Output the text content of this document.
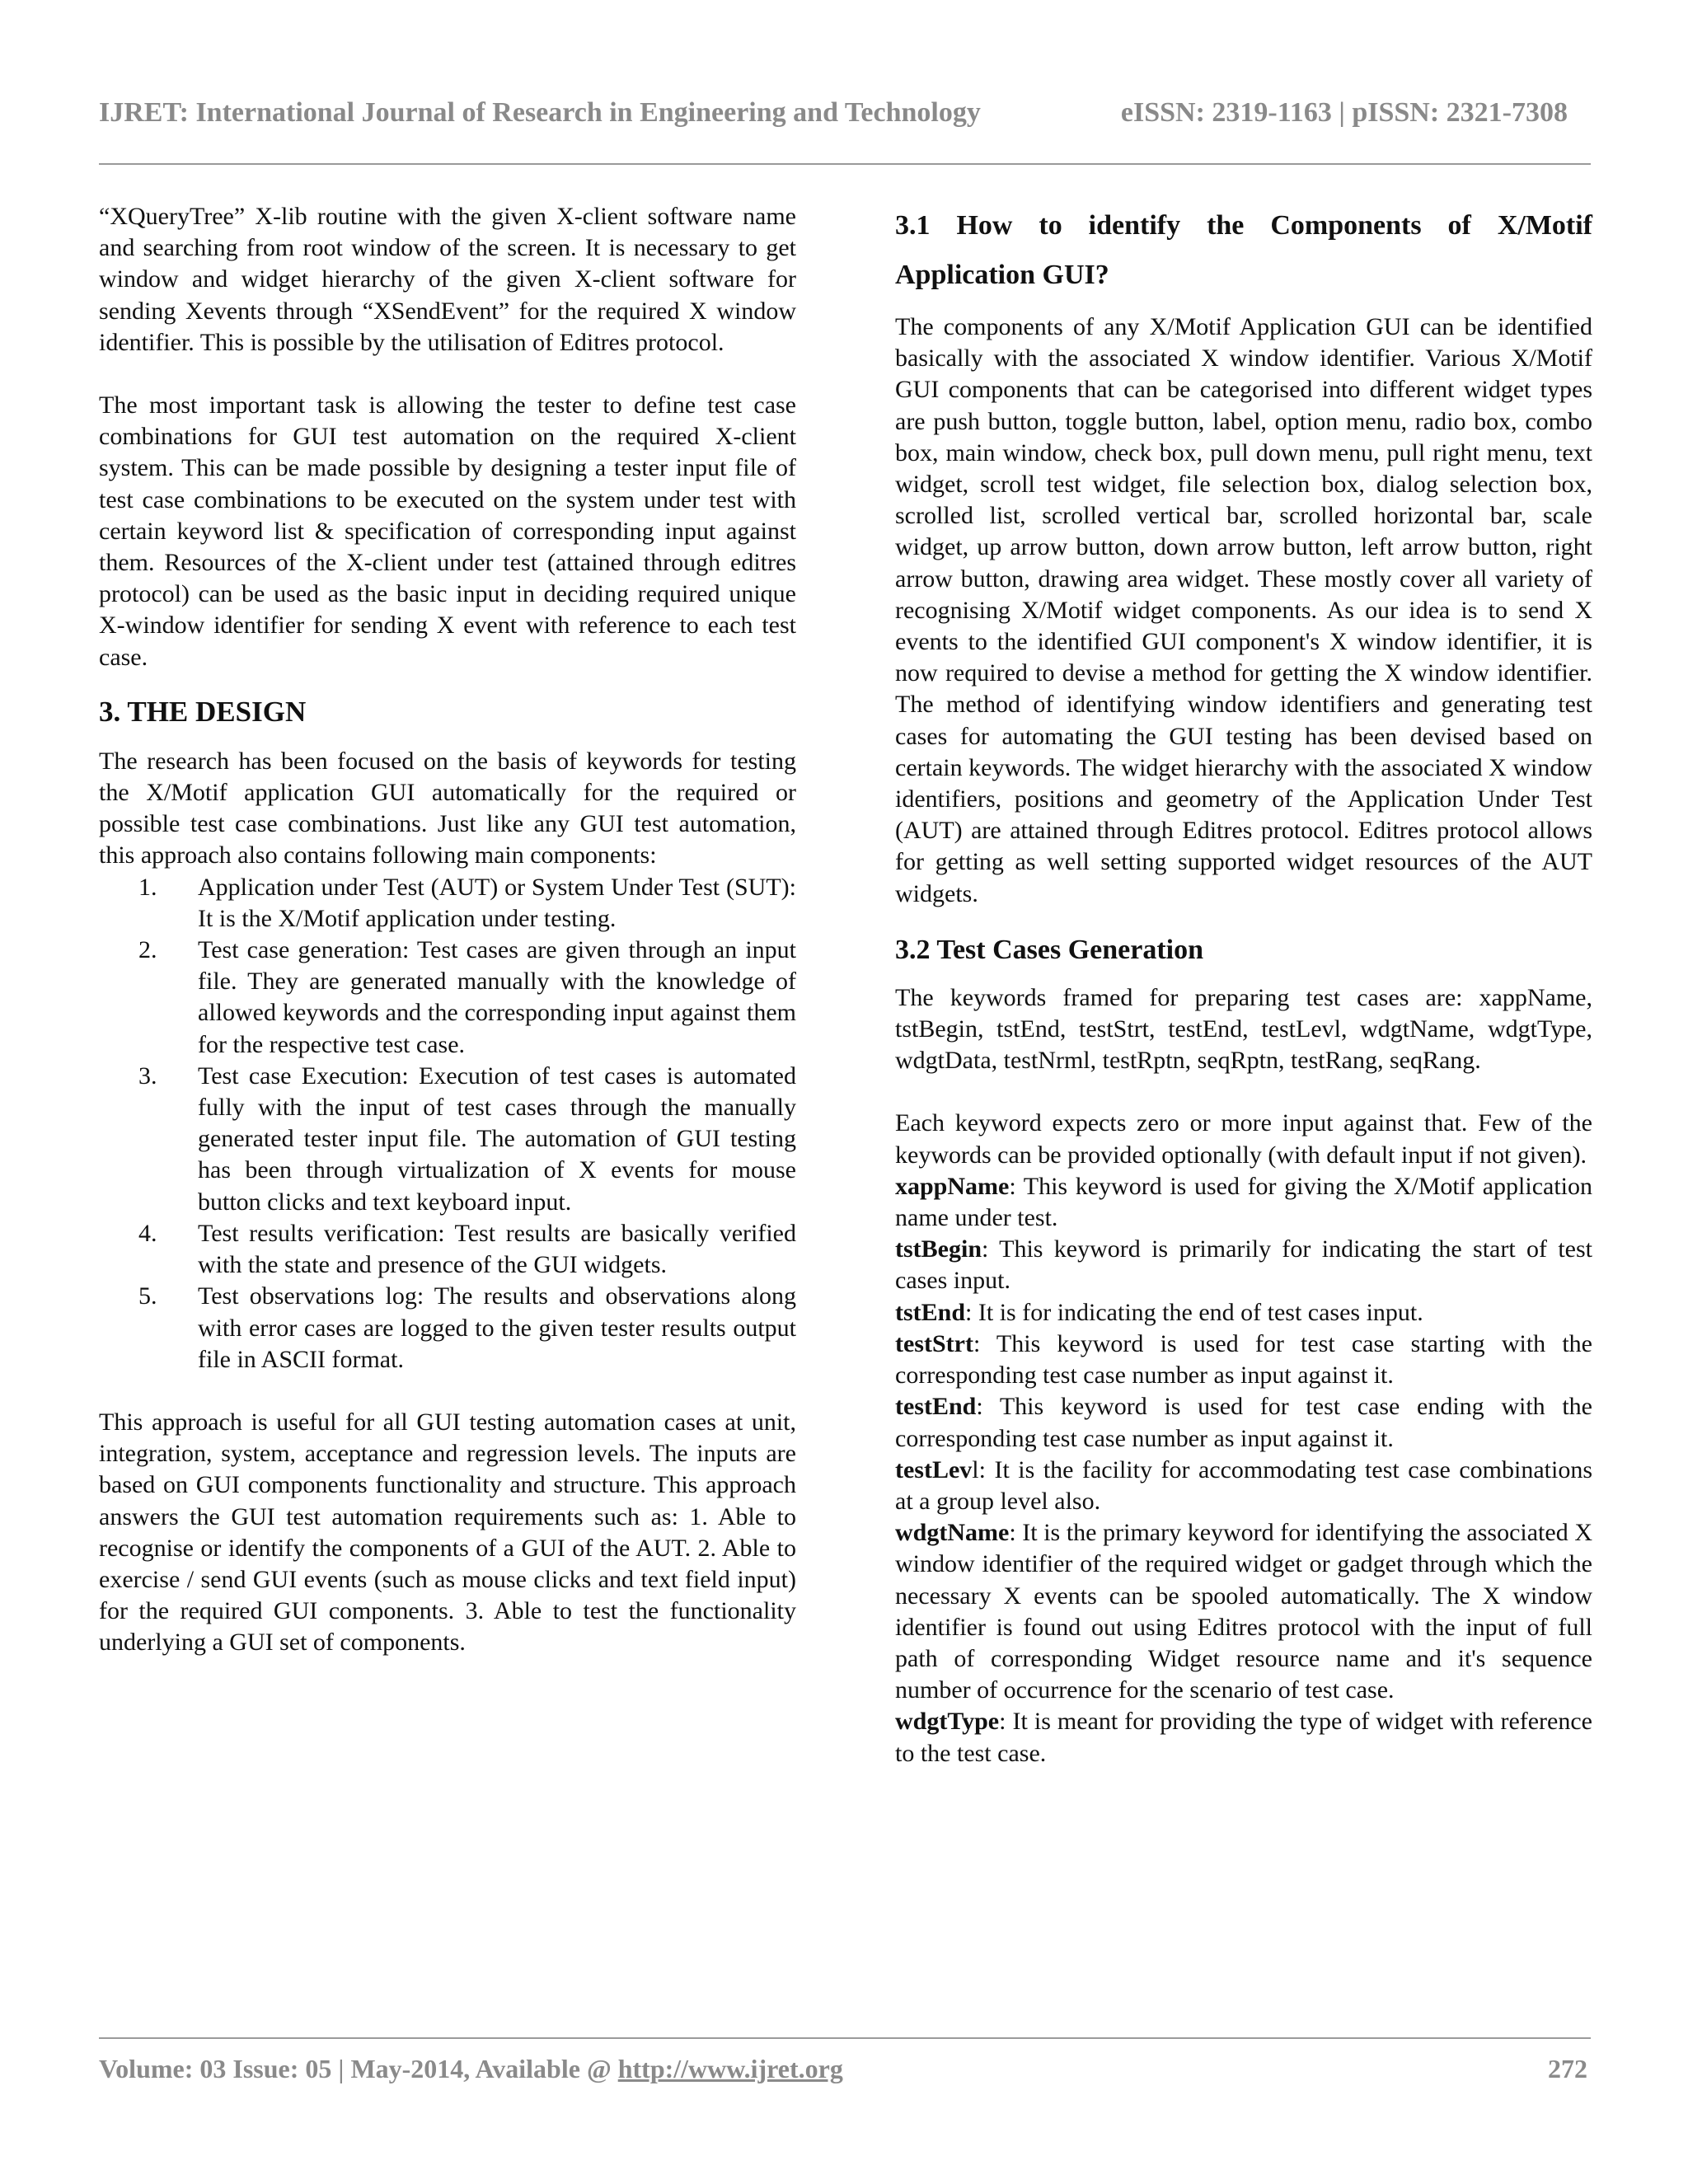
IJRET: International Journal of Research in Engineering and Technology	eISSN: 2319-1163 | pISSN: 2321-7308

“XQueryTree” X-lib routine with the given X-client software name and searching from root window of the screen. It is necessary to get window and widget hierarchy of the given X-client software for sending Xevents through “XSendEvent” for the required X window identifier. This is possible by the utilisation of Editres protocol.

The most important task is allowing the tester to define test case combinations for GUI test automation on the required X-client system. This can be made possible by designing a tester input file of test case combinations to be executed on the system under test with certain keyword list & specification of corresponding input against them. Resources of the X-client under test (attained through editres protocol) can be used as the basic input in deciding required unique X-window identifier for sending X event with reference to each test case.

3. THE DESIGN

The research has been focused on the basis of keywords for testing the X/Motif application GUI automatically for the required or possible test case combinations. Just like any GUI test automation, this approach also contains following main components:

1. Application under Test (AUT) or System Under Test (SUT): It is the X/Motif application under testing.
2. Test case generation: Test cases are given through an input file. They are generated manually with the knowledge of allowed keywords and the corresponding input against them for the respective test case.
3. Test case Execution: Execution of test cases is automated fully with the input of test cases through the manually generated tester input file. The automation of GUI testing has been through virtualization of X events for mouse button clicks and text keyboard input.
4. Test results verification: Test results are basically verified with the state and presence of the GUI widgets.
5. Test observations log: The results and observations along with error cases are logged to the given tester results output file in ASCII format.

This approach is useful for all GUI testing automation cases at unit, integration, system, acceptance and regression levels. The inputs are based on GUI components functionality and structure. This approach answers the GUI test automation requirements such as: 1. Able to recognise or identify the components of a GUI of the AUT. 2. Able to exercise / send GUI events (such as mouse clicks and text field input) for the required GUI components. 3. Able to test the functionality underlying a GUI set of components.

3.1 How to identify the Components of X/Motif Application GUI?

The components of any X/Motif Application GUI can be identified basically with the associated X window identifier. Various X/Motif GUI components that can be categorised into different widget types are push button, toggle button, label, option menu, radio box, combo box, main window, check box, pull down menu, pull right menu, text widget, scroll test widget, file selection box, dialog selection box, scrolled list, scrolled vertical bar, scrolled horizontal bar, scale widget, up arrow button, down arrow button, left arrow button, right arrow button, drawing area widget. These mostly cover all variety of recognising X/Motif widget components. As our idea is to send X events to the identified GUI component's X window identifier, it is now required to devise a method for getting the X window identifier. The method of identifying window identifiers and generating test cases for automating the GUI testing has been devised based on certain keywords. The widget hierarchy with the associated X window identifiers, positions and geometry of the Application Under Test (AUT) are attained through Editres protocol. Editres protocol allows for getting as well setting supported widget resources of the AUT widgets.

3.2 Test Cases Generation

The keywords framed for preparing test cases are: xappName, tstBegin, tstEnd, testStrt, testEnd, testLevl, wdgtName, wdgtType, wdgtData, testNrml, testRptn, seqRptn, testRang, seqRang.

Each keyword expects zero or more input against that. Few of the keywords can be provided optionally (with default input if not given).

xappName: This keyword is used for giving the X/Motif application name under test.

tstBegin: This keyword is primarily for indicating the start of test cases input.

tstEnd: It is for indicating the end of test cases input.

testStrt: This keyword is used for test case starting with the corresponding test case number as input against it.

testEnd: This keyword is used for test case ending with the corresponding test case number as input against it.

testLevl: It is the facility for accommodating test case combinations at a group level also.

wdgtName: It is the primary keyword for identifying the associated X window identifier of the required widget or gadget through which the necessary X events can be spooled automatically. The X window identifier is found out using Editres protocol with the input of full path of corresponding Widget resource name and it's sequence number of occurrence for the scenario of test case.

wdgtType: It is meant for providing the type of widget with reference to the test case.

Volume: 03 Issue: 05 | May-2014, Available @ http://www.ijret.org	272
